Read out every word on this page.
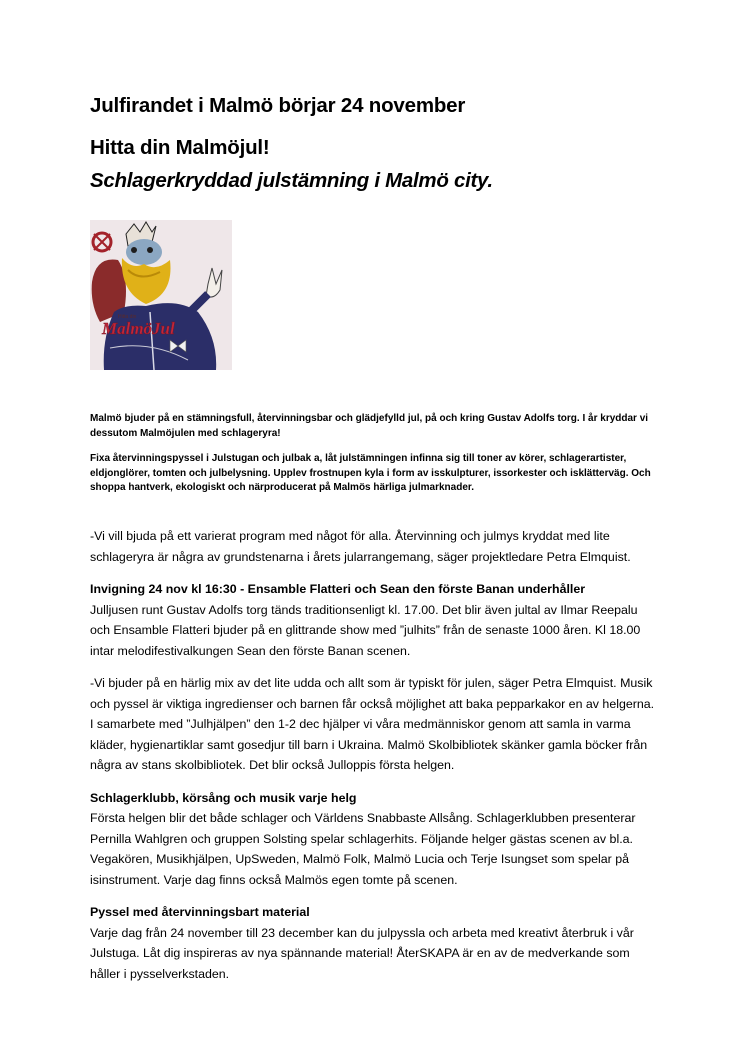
Julfirandet i Malmö börjar 24 november
Hitta din Malmöjul!

Schlagerkryddad julstämning i Malmö city.

Hitta din
MalmöJul

Malmö bjuder på en stämningsfull, återvinningsbar och glädjefylld jul, på och kring Gustav Adolfs torg. I år kryddar vi dessutom Malmöjulen med schlageryra!

Fixa återvinningspyssel i Julstugan och julbak a, låt julstämningen infinna sig till toner av körer, schlagerartister, eldjonglörer, tomten och julbelysning. Upplev frostnupen kyla i form av isskulpturer, issorkester och isklätterväg. Och shoppa hantverk, ekologiskt och närproducerat på Malmös härliga julmarknader.

-Vi vill bjuda på ett varierat program med något för alla. Återvinning och julmys kryddat med lite schlageryra är några av grundstenarna i årets jularrangemang, säger projektledare Petra Elmquist.

Invigning 24 nov kl 16:30 - Ensamble Flatteri och Sean den förste Banan underhåller

Julljusen runt Gustav Adolfs torg tänds traditionsenligt kl. 17.00. Det blir även jultal av Ilmar Reepalu och Ensamble Flatteri bjuder på en glittrande show med ”julhits” från de senaste 1000 åren. Kl 18.00 intar melodifestivalkungen Sean den förste Banan scenen.

-Vi bjuder på en härlig mix av det lite udda och allt som är typiskt för julen, säger Petra Elmquist. Musik och pyssel är viktiga ingredienser och barnen får också möjlighet att baka pepparkakor en av helgerna. I samarbete med ”Julhjälpen” den 1-2 dec hjälper vi våra medmänniskor genom att samla in varma kläder, hygienartiklar samt gosedjur till barn i Ukraina. Malmö Skolbibliotek skänker gamla böcker från några av stans skolbibliotek. Det blir också Julloppis första helgen.

Schlagerklubb, körsång och musik varje helg

Första helgen blir det både schlager och Världens Snabbaste Allsång. Schlagerklubben presenterar Pernilla Wahlgren och gruppen Solsting spelar schlagerhits. Följande helger gästas scenen av bl.a. Vegakören, Musikhjälpen, UpSweden, Malmö Folk, Malmö Lucia och Terje Isungset som spelar på isinstrument. Varje dag finns också Malmös egen tomte på scenen.

Pyssel med återvinningsbart material

Varje dag från 24 november till 23 december kan du julpyssla och arbeta med kreativt återbruk i vår Julstuga. Låt dig inspireras av nya spännande material! ÅterSKAPA är en av de medverkande som håller i pysselverkstaden.
